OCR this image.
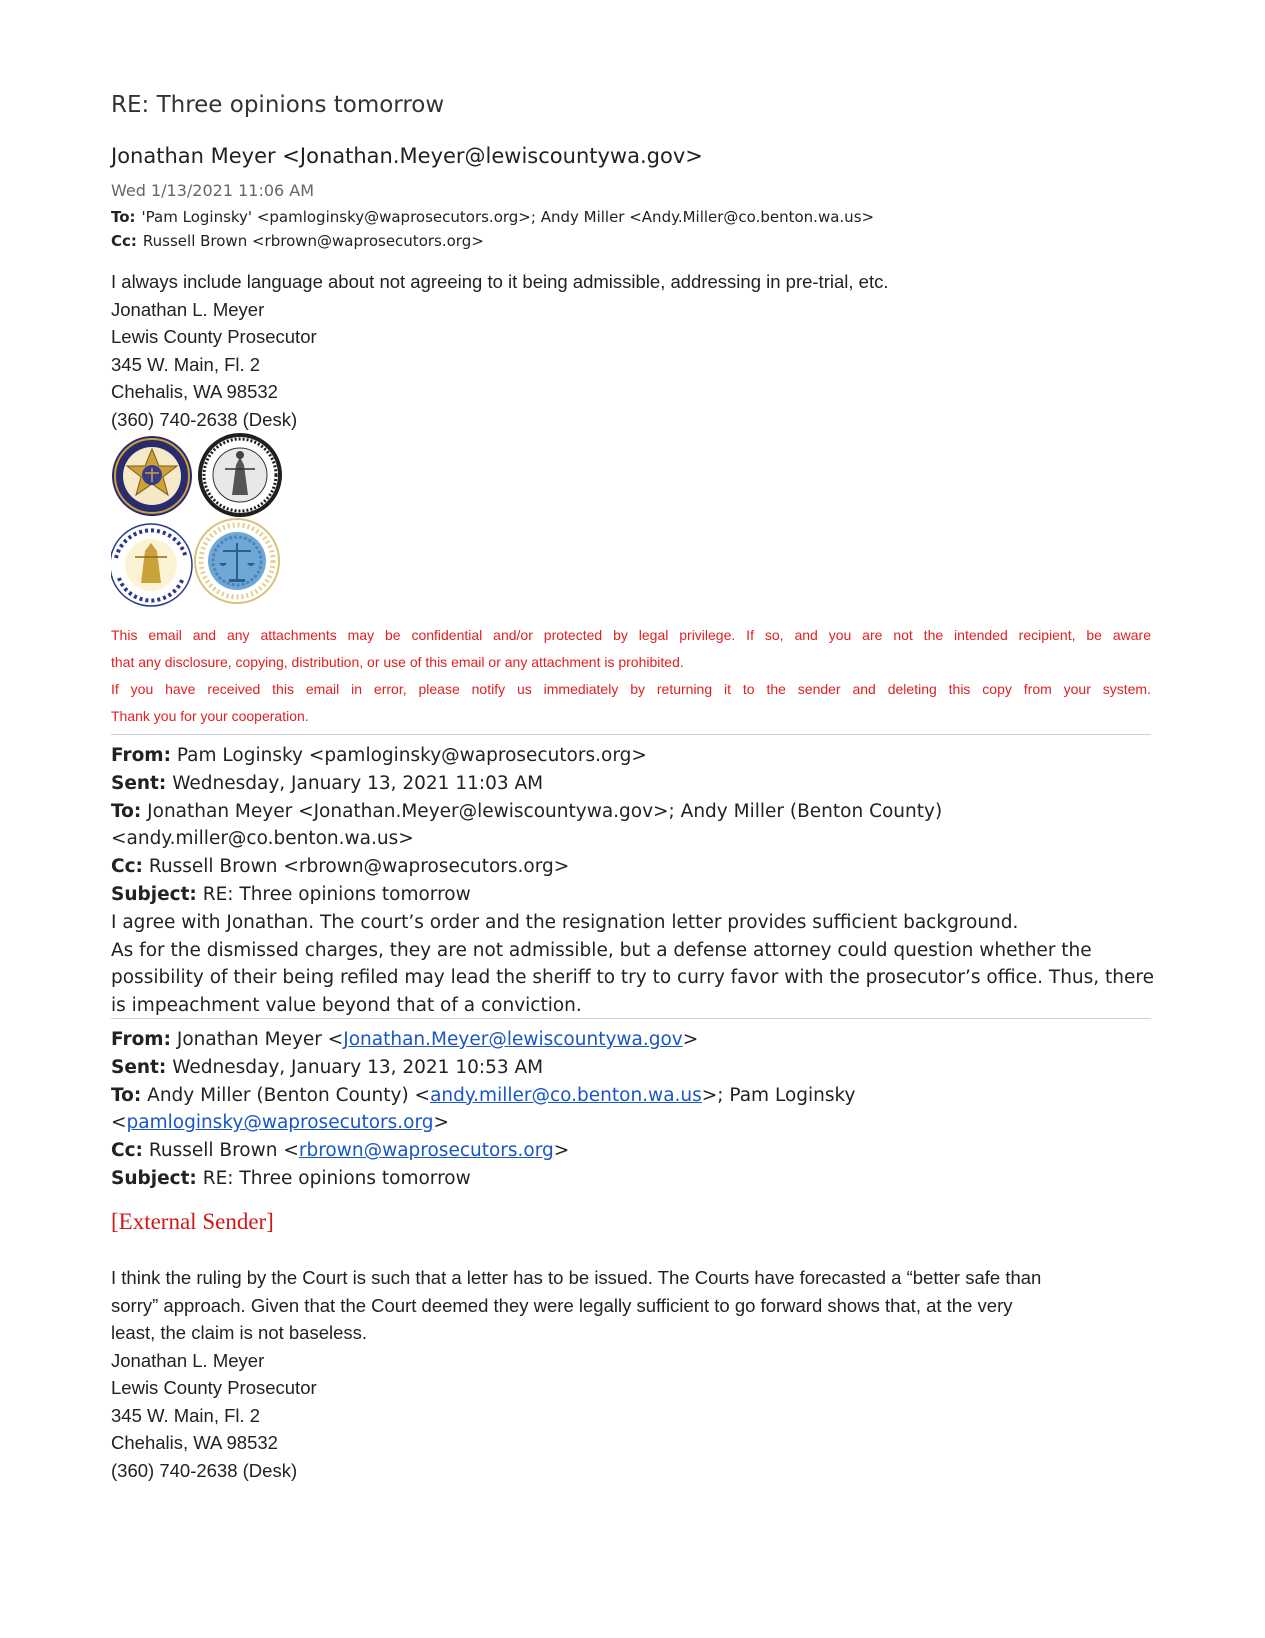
RE: Three opinions tomorrow
Jonathan Meyer <Jonathan.Meyer@lewiscountywa.gov>
Wed 1/13/2021 11:06 AM
To: 'Pam Loginsky' <pamloginsky@waprosecutors.org>; Andy Miller <Andy.Miller@co.benton.wa.us>
Cc: Russell Brown <rbrown@waprosecutors.org>
I always include language about not agreeing to it being admissible, addressing in pre-trial, etc.
Jonathan L. Meyer
Lewis County Prosecutor
345 W. Main, Fl. 2
Chehalis, WA 98532
(360) 740-2638 (Desk)
This email and any attachments may be confidential and/or protected by legal privilege. If so, and you are not the intended recipient, be aware
that any disclosure, copying, distribution, or use of this email or any attachment is prohibited.
If you have received this email in error, please notify us immediately by returning it to the sender and deleting this copy from your system.
Thank you for your cooperation.
From: Pam Loginsky <pamloginsky@waprosecutors.org>
Sent: Wednesday, January 13, 2021 11:03 AM
To: Jonathan Meyer <Jonathan.Meyer@lewiscountywa.gov>; Andy Miller (Benton County)
<andy.miller@co.benton.wa.us>
Cc: Russell Brown <rbrown@waprosecutors.org>
Subject: RE: Three opinions tomorrow
I agree with Jonathan. The court’s order and the resignation letter provides sufficient background.
As for the dismissed charges, they are not admissible, but a defense attorney could question whether the
possibility of their being refiled may lead the sheriff to try to curry favor with the prosecutor’s office. Thus, there
is impeachment value beyond that of a conviction.
From: Jonathan Meyer <Jonathan.Meyer@lewiscountywa.gov>
Sent: Wednesday, January 13, 2021 10:53 AM
To: Andy Miller (Benton County) <andy.miller@co.benton.wa.us>; Pam Loginsky
<pamloginsky@waprosecutors.org>
Cc: Russell Brown <rbrown@waprosecutors.org>
Subject: RE: Three opinions tomorrow
[External Sender]
I think the ruling by the Court is such that a letter has to be issued. The Courts have forecasted a “better safe than
sorry” approach. Given that the Court deemed they were legally sufficient to go forward shows that, at the very
least, the claim is not baseless.
Jonathan L. Meyer
Lewis County Prosecutor
345 W. Main, Fl. 2
Chehalis, WA 98532
(360) 740-2638 (Desk)
